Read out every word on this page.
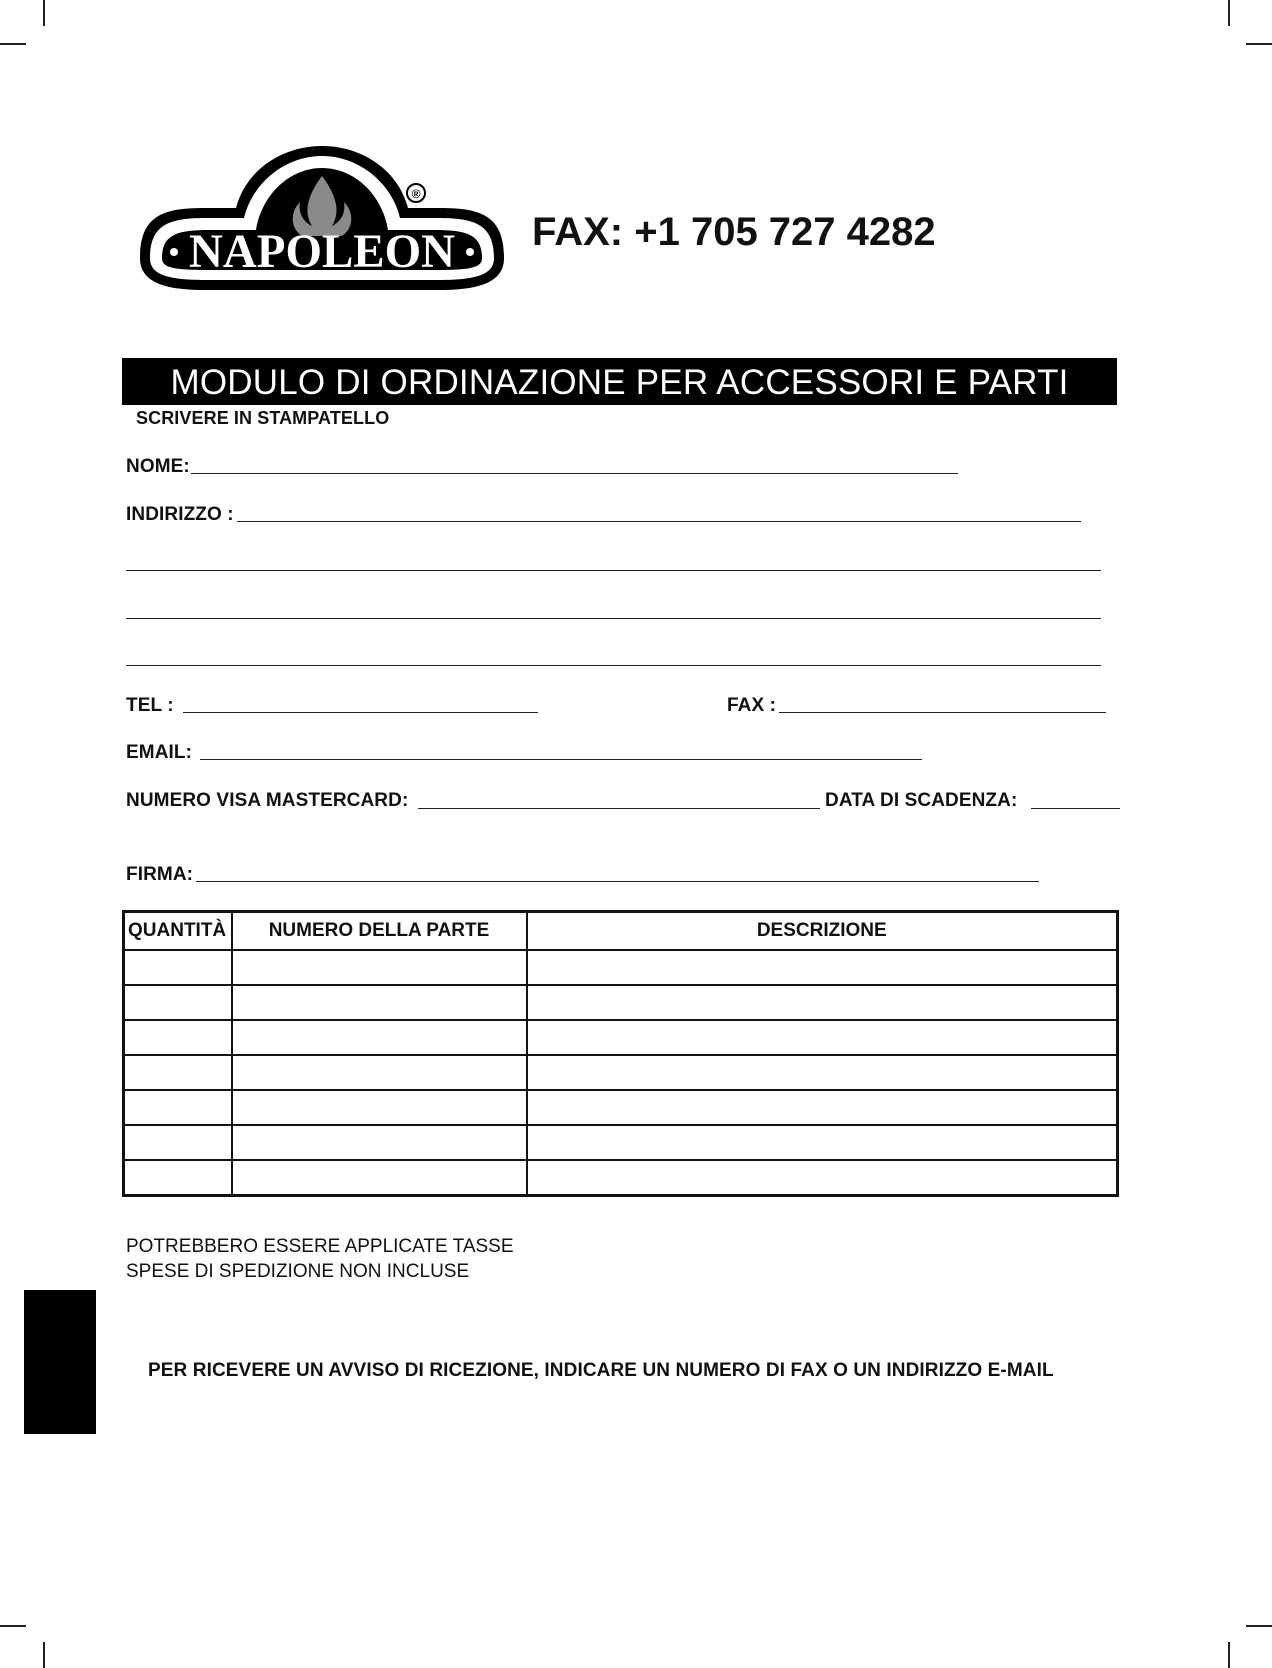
®
NAPOLEON FAX: +1 705 727 4282
MODULO DI ORDINAZIONE PER ACCESSORI E PARTI
SCRIVERE IN STAMPATELLO
NOME:
INDIRIZZO :
TEL :	FAX :
EMAIL:
NUMERO VISA MASTERCARD:	DATA DI SCADENZA:
FIRMA:
QUANTITÀ	NUMERO DELLA PARTE	DESCRIZIONE

POTREBBERO ESSERE APPLICATE TASSE
SPESE DI SPEDIZIONE NON INCLUSE
PER RICEVERE UN AVVISO DI RICEZIONE, INDICARE UN NUMERO DI FAX O UN INDIRIZZO E-MAIL
